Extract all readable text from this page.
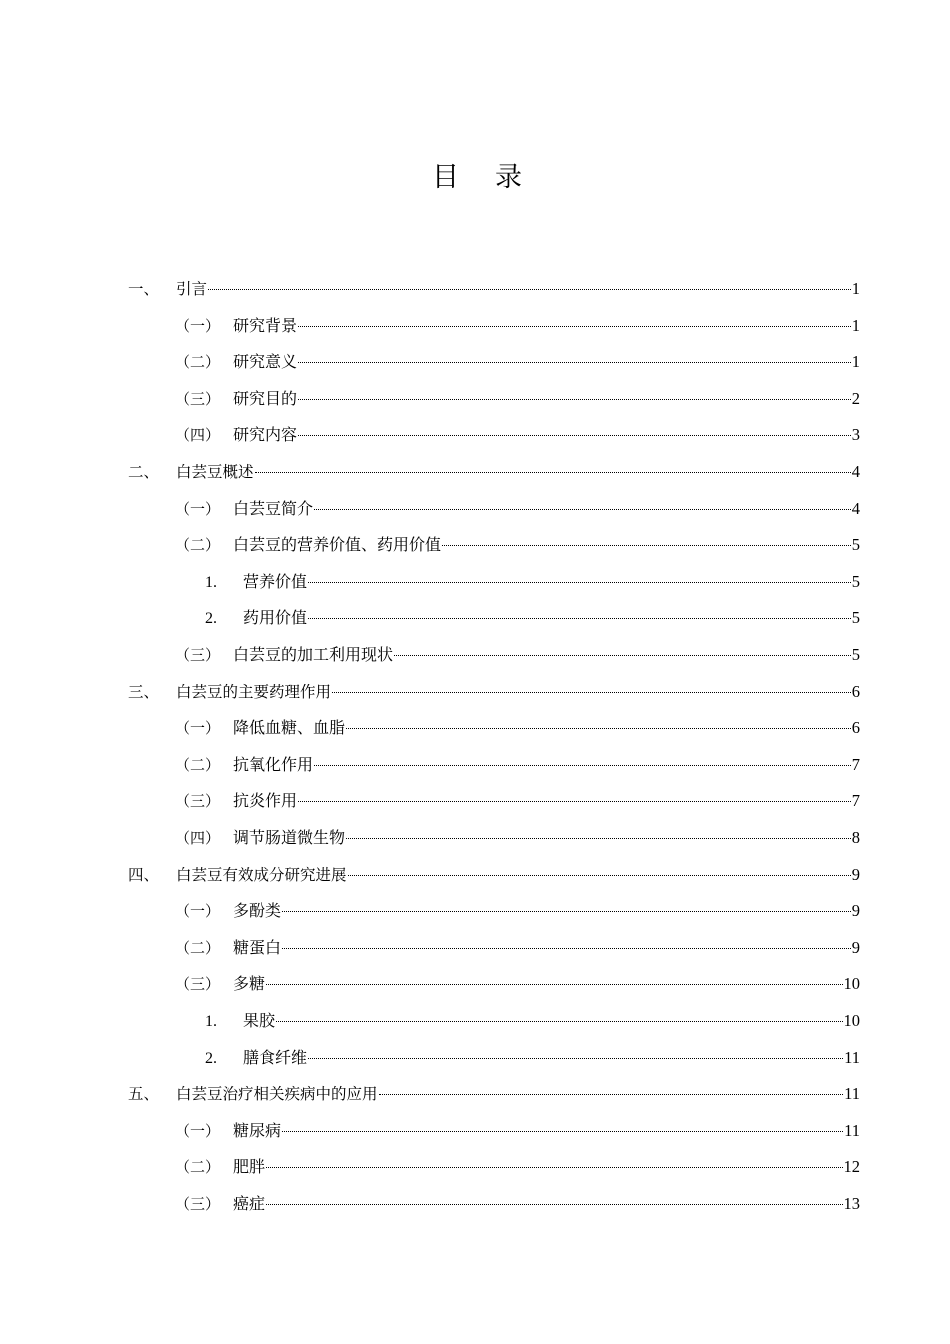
目录
一、	引言	1
（一） 研究背景	1
（二） 研究意义	1
（三） 研究目的	2
（四） 研究内容	3
二、	白芸豆概述	4
（一） 白芸豆简介	4
（二） 白芸豆的营养价值、药用价值	5
1.	营养价值	5
2.	药用价值	5
（三） 白芸豆的加工利用现状	5
三、	白芸豆的主要药理作用	6
（一） 降低血糖、血脂	6
（二） 抗氧化作用	7
（三） 抗炎作用	7
（四） 调节肠道微生物	8
四、	白芸豆有效成分研究进展	9
（一） 多酚类	9
（二） 糖蛋白	9
（三） 多糖	10
1.	果胶	10
2.	膳食纤维	11
五、	白芸豆治疗相关疾病中的应用	11
（一） 糖尿病	11
（二） 肥胖	12
（三） 癌症	13
